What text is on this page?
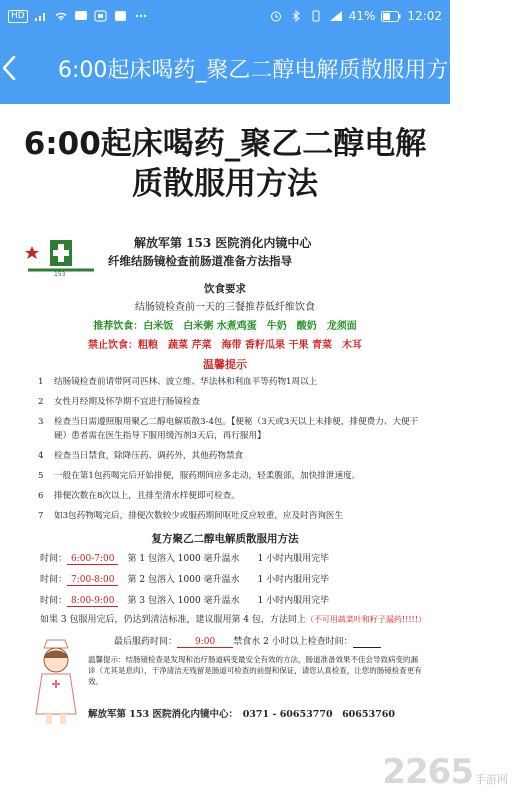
HD	41%	12:02
6:00起床喝药_聚乙二醇电解质散服用方法
6:00起床喝药_聚乙二醇电解质散服用方法
153
解放军第 153 医院消化内镜中心
纤维结肠镜检查前肠道准备方法指导
饮食要求
结肠镜检查前一天的三餐推荐低纤维饮食
推荐饮食：白米饭　白米粥 水煮鸡蛋　牛奶　酸奶　龙须面
禁止饮食：粗粮　蔬菜 芹菜　海带 香籽瓜果 干果 青菜　木耳
温馨提示
1	结肠镜检查前请带阿司匹林、波立维、华法林和利血平等药物1周以上
2	女性月经期及怀孕期不宜进行肠镜检查
3	检查当日需遵照服用聚乙二醇电解质散3-4包。【便秘（3天或3天以上未排便，排便费力、大便干硬）患者需在医生指导下服用缓泻剂3天后，再行服用】
4	检查当日禁食，除降压药、调药外，其他药物禁食
5	一般在第1包药喝完后开始排便，服药期间应多走动，轻柔腹部，加快排泄速度。
6	排便次数在8次以上，且排至清水样便即可检查。
7	如3包药物喝完后，排便次数较少或服药期间呕吐反应较重，应及时咨询医生
复方聚乙二醇电解质散服用方法
时间： 6:00-7:00　 第 1 包溶入 1000 毫升温水　　1 小时内服用完毕
时间： 7:00-8:00　 第 2 包溶入 1000 毫升温水　　1 小时内服用完毕
时间： 8:00-9:00　 第 3 包溶入 1000 毫升温水　　1 小时内服用完毕
如果 3 包服用完后，仍达到清洁标准，建议服用第 4 包，方法同上（不可用蔬菜叶和籽子漏药!!!!!）
最后服药时间： 9:00 禁食水 2 小时以上检查时间：
温馨提示：结肠镜检查是发现和治疗肠道病变最安全有效的方法，肠道准备效果不佳会导致病变的漏诊（尤其是息肉），干净清洁无残留是肠道可检查的前提和保证，请您认真检查，让您的肠镜检查更有效。
解放军第 153 医院消化内镜中心：　0371 - 60653770　60653760
2265 手游网
